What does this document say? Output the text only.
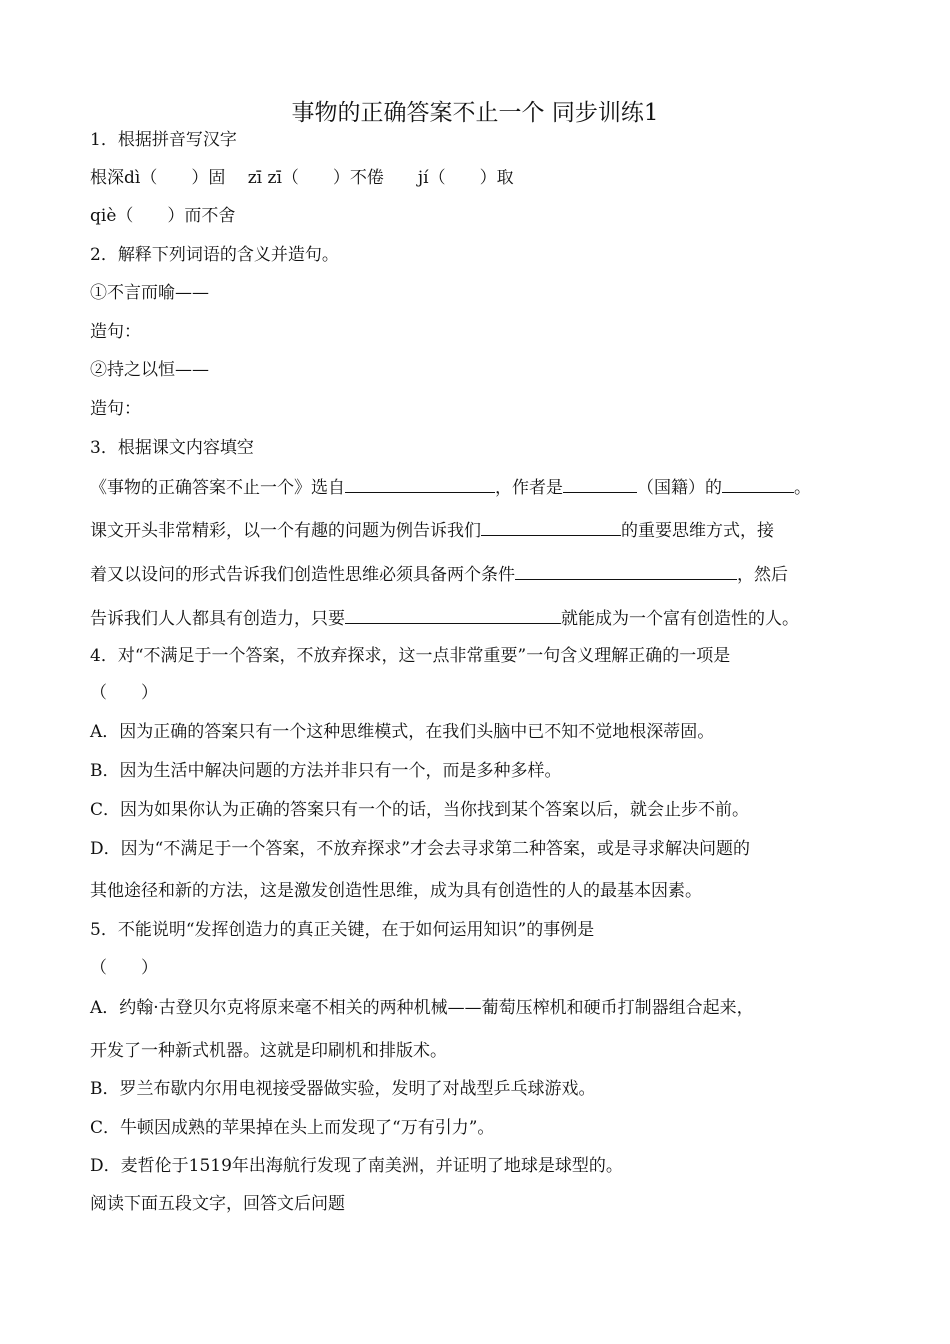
事物的正确答案不止一个 同步训练1
1．根据拼音写汉字
根深dì（　　）固　 zī zī（　　）不倦　　jí（　　）取
qiè（　　）而不舍
2．解释下列词语的含义并造句。
①不言而喻——
造句：
②持之以恒——
造句：
3．根据课文内容填空
《事物的正确答案不止一个》选自	，作者是	（国籍）的	。
课文开头非常精彩，以一个有趣的问题为例告诉我们	的重要思维方式，接
着又以设问的形式告诉我们创造性思维必须具备两个条件	，然后
告诉我们人人都具有创造力，只要	就能成为一个富有创造性的人。
4．对“不满足于一个答案，不放弃探求，这一点非常重要”一句含义理解正确的一项是
（　　）
A．因为正确的答案只有一个这种思维模式，在我们头脑中已不知不觉地根深蒂固。
B．因为生活中解决问题的方法并非只有一个，而是多种多样。
C．因为如果你认为正确的答案只有一个的话，当你找到某个答案以后，就会止步不前。
D．因为“不满足于一个答案，不放弃探求”才会去寻求第二种答案，或是寻求解决问题的
其他途径和新的方法，这是激发创造性思维，成为具有创造性的人的最基本因素。
5．不能说明“发挥创造力的真正关键，在于如何运用知识”的事例是
（　　）
A．约翰·古登贝尔克将原来毫不相关的两种机械——葡萄压榨机和硬币打制器组合起来，
开发了一种新式机器。这就是印刷机和排版术。
B．罗兰布歇内尔用电视接受器做实验，发明了对战型乒乓球游戏。
C．牛顿因成熟的苹果掉在头上而发现了“万有引力”。
D．麦哲伦于1519年出海航行发现了南美洲，并证明了地球是球型的。
阅读下面五段文字，回答文后问题
